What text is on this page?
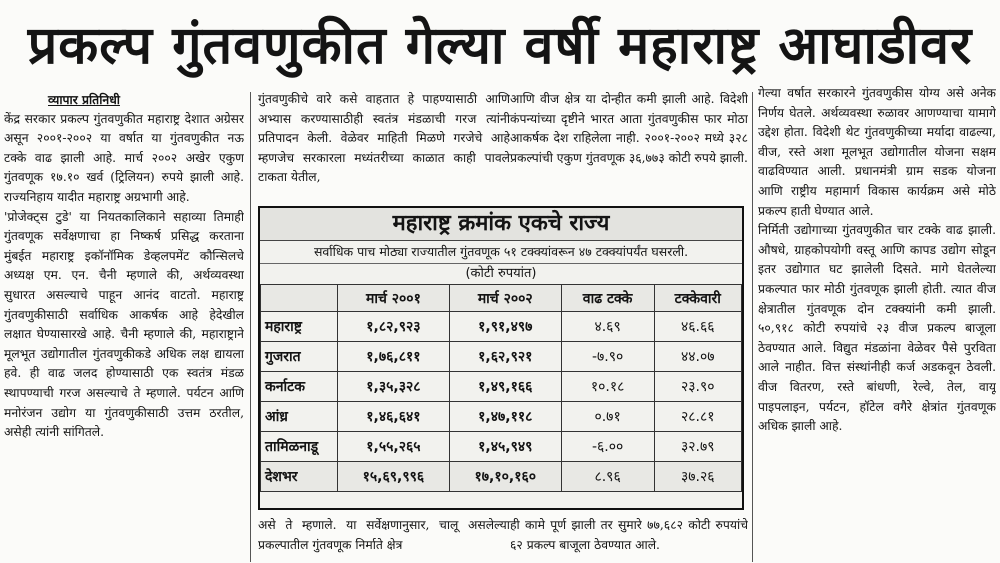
प्रकल्प गुंतवणुकीत गेल्या वर्षी महाराष्ट्र आघाडीवर
व्यापार प्रतिनिधी

केंद्र सरकार प्रकल्प गुंतवणुकीत महाराष्ट्र देशात अग्रेसर असून २००१-२००२ या वर्षात या गुंतवणुकीत नऊ टक्के वाढ झाली आहे. मार्च २००२ अखेर एकुण गुंतवणूक १७.१० खर्व (ट्रिलियन) रुपये झाली आहे. राज्यनिहाय यादीत महाराष्ट्र अग्रभागी आहे.

'प्रोजेक्ट्स टुडे' या नियतकालिकाने सहाव्या तिमाही गुंतवणूक सर्वेक्षणाचा हा निष्कर्ष प्रसिद्ध करताना मुंबईत महाराष्ट्र इकॉनॉमिक डेव्हलपमेंट कौन्सिलचे अध्यक्ष एम. एन. चैनी म्हणाले की, अर्थव्यवस्था सुधारत असल्याचे पाहून आनंद वाटतो. महाराष्ट्र गुंतवणुकीसाठी सर्वाधिक आकर्षक आहे हेदेखील लक्षात घेण्यासारखे आहे. चैनी म्हणाले की, महाराष्ट्राने मूलभूत उद्योगातील गुंतवणुकीकडे अधिक लक्ष द्यायला हवे. ही वाढ जलद होण्यासाठी एक स्वतंत्र मंडळ स्थापण्याची गरज असल्याचे ते म्हणाले. पर्यटन आणि मनोरंजन उद्योग या गुंतवणुकीसाठी उत्तम ठरतील, असेही त्यांनी सांगितले.

गुंतवणुकीचे वारे कसे वाहतात हे पाहण्यासाठी आणि अभ्यास करण्यासाठीही स्वतंत्र मंडळाची गरज त्यांनी प्रतिपादन केली. वेळेवर माहिती मिळणे गरजेचे आहे म्हणजेच सरकारला मध्यंतरीच्या काळात काही पावले टाकता येतील,

आणि वीज क्षेत्र या दोन्हीत कमी झाली आहे. विदेशी कंपन्यांच्या दृष्टीने भारत आता गुंतवणुकीस फार मोठा आकर्षक देश राहिलेला नाही. २००१-२००२ मध्ये ३२८ प्रकल्पांची एकुण गुंतवणूक ३६,७७३ कोटी रुपये झाली.

गेल्या वर्षात सरकारने गुंतवणुकीस योग्य असे अनेक निर्णय घेतले. अर्थव्यवस्था रुळावर आणण्याचा यामागे उद्देश होता. विदेशी थेट गुंतवणुकीच्या मर्यादा वाढल्या, वीज, रस्ते अशा मूलभूत उद्योगातील योजना सक्षम वाढविण्यात आली. प्रधानमंत्री ग्राम सडक योजना आणि राष्ट्रीय महामार्ग विकास कार्यक्रम असे मोठे प्रकल्प हाती घेण्यात आले.

निर्मिती उद्योगाच्या गुंतवणुकीत चार टक्के वाढ झाली. औषधे, ग्राहकोपयोगी वस्तू आणि कापड उद्योग सोडून इतर उद्योगात घट झालेली दिसते. मागे घेतलेल्या प्रकल्पात फार मोठी गुंतवणूक झाली होती. त्यात वीज क्षेत्रातील गुंतवणूक दोन टक्क्यांनी कमी झाली. ५०,९१८ कोटी रुपयांचे २३ वीज प्रकल्प बाजूला ठेवण्यात आले. विद्युत मंडळांना वेळेवर पैसे पुरविता आले नाहीत. वित्त संस्थांनीही कर्ज अडकवून ठेवली. वीज वितरण, रस्ते बांधणी, रेल्वे, तेल, वायू पाइपलाइन, पर्यटन, हॉटेल वगैरे क्षेत्रांत गुंतवणूक अधिक झाली आहे.

महाराष्ट्र क्रमांक एकचे राज्य
सर्वाधिक पाच मोठ्या राज्यातील गुंतवणूक ५१ टक्क्यांवरून ४७ टक्क्यांपर्यंत घसरली.
(कोटी रुपयांत)
	मार्च २००१	मार्च २००२	वाढ टक्के	टक्केवारी
महाराष्ट्र	१,८२,९२३	१,९१,४९७	४.६९	४६.६६
गुजरात	१,७६,८११	१,६२,९२१	-७.९०	४४.०७
कर्नाटक	१,३५,३२८	१,४९,१६६	१०.१८	२३.९०
आंध्र	१,४६,६४१	१,४७,११८	०.७१	२८.८१
तामिळनाडू	१,५५,२६५	१,४५,९४९	-६.००	३२.७९
देशभर	१५,६९,९९६	१७,१०,१६०	८.९६	३७.२६

असे ते म्हणाले. या सर्वेक्षणानुसार, चालू असलेल्या प्रकल्पातील गुंतवणूक निर्माते क्षेत्र

ही कामे पूर्ण झाली तर सुमारे ७७,६८२ कोटी रुपयांचे ६२ प्रकल्प बाजूला ठेवण्यात आले.
